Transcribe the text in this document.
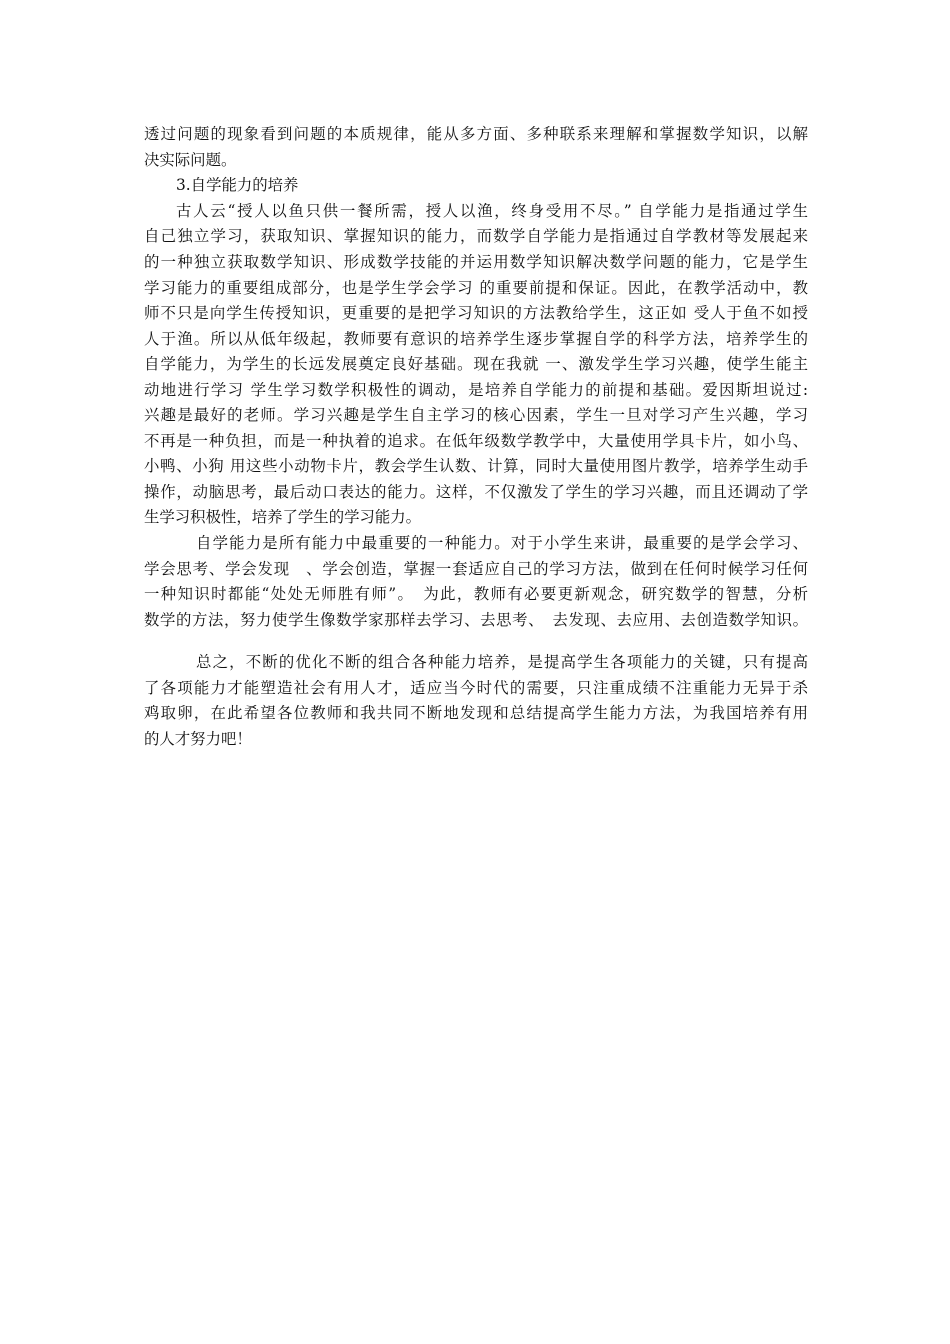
透过问题的现象看到问题的本质规律，能从多方面、多种联系来理解和掌握数学知识，以解
决实际问题。
3.自学能力的培养
古人云“授人以鱼只供一餐所需，授人以渔，终身受用不尽。” 自学能力是指通过学生
自己独立学习，获取知识、掌握知识的能力，而数学自学能力是指通过自学教材等发展起来
的一种独立获取数学知识、形成数学技能的并运用数学知识解决数学问题的能力，它是学生
学习能力的重要组成部分，也是学生学会学习 的重要前提和保证。因此，在教学活动中，教
师不只是向学生传授知识，更重要的是把学习知识的方法教给学生，这正如 受人于鱼不如授
人于渔。所以从低年级起，教师要有意识的培养学生逐步掌握自学的科学方法，培养学生的
自学能力，为学生的长远发展奠定良好基础。现在我就 一、激发学生学习兴趣，使学生能主
动地进行学习 学生学习数学积极性的调动，是培养自学能力的前提和基础。爱因斯坦说过:
兴趣是最好的老师。学习兴趣是学生自主学习的核心因素，学生一旦对学习产生兴趣，学习
不再是一种负担，而是一种执着的追求。在低年级数学教学中，大量使用学具卡片，如小鸟、
小鸭、小狗 用这些小动物卡片，教会学生认数、计算，同时大量使用图片教学，培养学生动手
操作，动脑思考，最后动口表达的能力。这样，不仅激发了学生的学习兴趣，而且还调动了学
生学习积极性，培养了学生的学习能力。
自学能力是所有能力中最重要的一种能力。对于小学生来讲，最重要的是学会学习、
学会思考、学会发现　、学会创造，掌握一套适应自己的学习方法，做到在任何时候学习任何
一种知识时都能“处处无师胜有师”。　为此，教师有必要更新观念，研究数学的智慧，分析
数学的方法，努力使学生像数学家那样去学习、去思考、　去发现、去应用、去创造数学知识。
总之，不断的优化不断的组合各种能力培养，是提高学生各项能力的关键，只有提高
了各项能力才能塑造社会有用人才，适应当今时代的需要，只注重成绩不注重能力无异于杀
鸡取卵，在此希望各位教师和我共同不断地发现和总结提高学生能力方法，为我国培养有用
的人才努力吧！
